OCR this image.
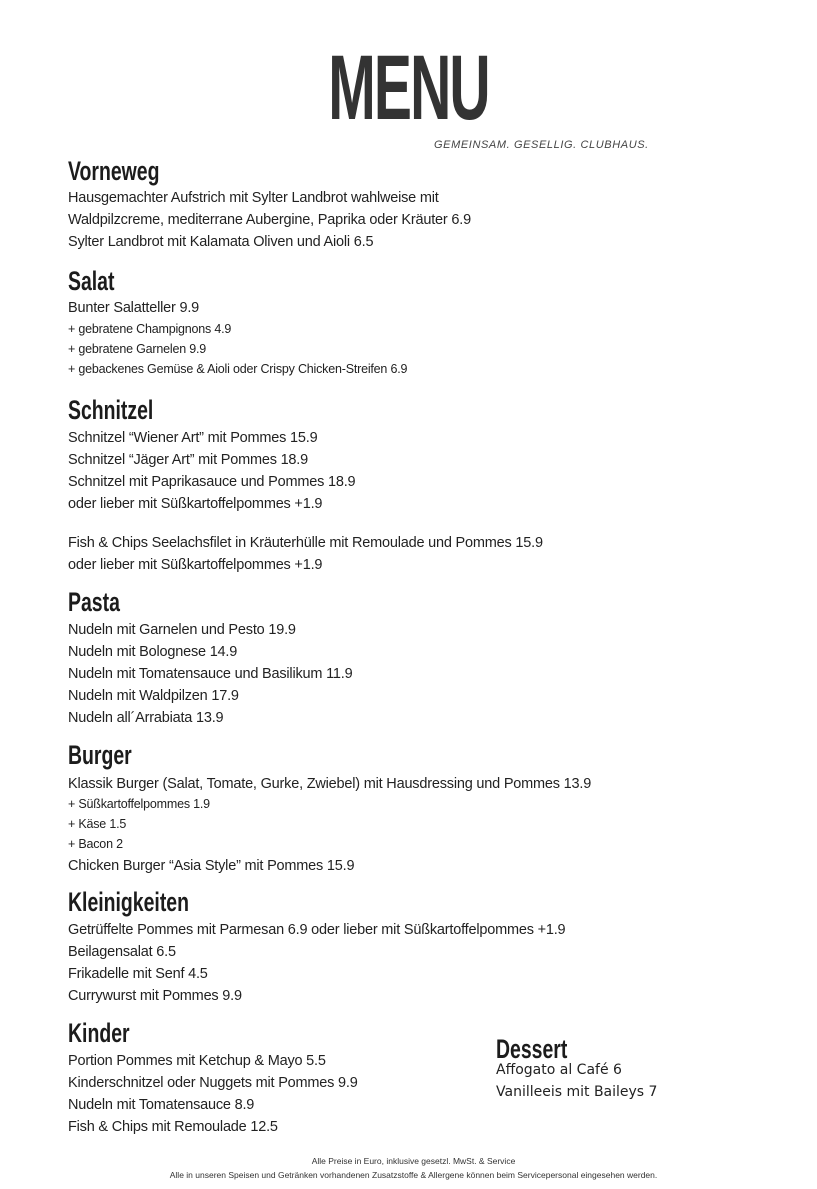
MENU
GEMEINSAM. GESELLIG. CLUBHAUS.
Vorneweg
Hausgemachter Aufstrich mit Sylter Landbrot wahlweise mit
Waldpilzcreme, mediterrane Aubergine, Paprika oder Kräuter 6.9
Sylter Landbrot mit Kalamata Oliven und Aioli 6.5
Salat
Bunter Salatteller 9.9
+ gebratene Champignons 4.9
+ gebratene Garnelen 9.9
+ gebackenes Gemüse & Aioli oder Crispy Chicken-Streifen 6.9
Schnitzel
Schnitzel “Wiener Art” mit Pommes 15.9
Schnitzel “Jäger Art” mit Pommes 18.9
Schnitzel mit Paprikasauce und Pommes 18.9
oder lieber mit Süßkartoffelpommes +1.9
Fish & Chips Seelachsfilet in Kräuterhülle mit Remoulade und Pommes 15.9
oder lieber mit Süßkartoffelpommes +1.9
Pasta
Nudeln mit Garnelen und Pesto 19.9
Nudeln mit Bolognese 14.9
Nudeln mit Tomatensauce und Basilikum 11.9
Nudeln mit Waldpilzen 17.9
Nudeln all´Arrabiata 13.9
Burger
Klassik Burger (Salat, Tomate, Gurke, Zwiebel) mit Hausdressing und Pommes 13.9
+ Süßkartoffelpommes 1.9
+ Käse 1.5
+ Bacon 2
Chicken Burger “Asia Style” mit Pommes 15.9
Kleinigkeiten
Getrüffelte Pommes mit Parmesan 6.9 oder lieber mit Süßkartoffelpommes +1.9
Beilagensalat 6.5
Frikadelle mit Senf 4.5
Currywurst mit Pommes 9.9
Kinder
Portion Pommes mit Ketchup & Mayo 5.5
Kinderschnitzel oder Nuggets mit Pommes 9.9
Nudeln mit Tomatensauce 8.9
Fish & Chips mit Remoulade 12.5
Dessert
Affogato al Café 6
Vanilleeis mit Baileys 7
Alle Preise in Euro, inklusive gesetzl. MwSt. & Service
Alle in unseren Speisen und Getränken vorhandenen Zusatzstoffe & Allergene können beim Servicepersonal eingesehen werden.
